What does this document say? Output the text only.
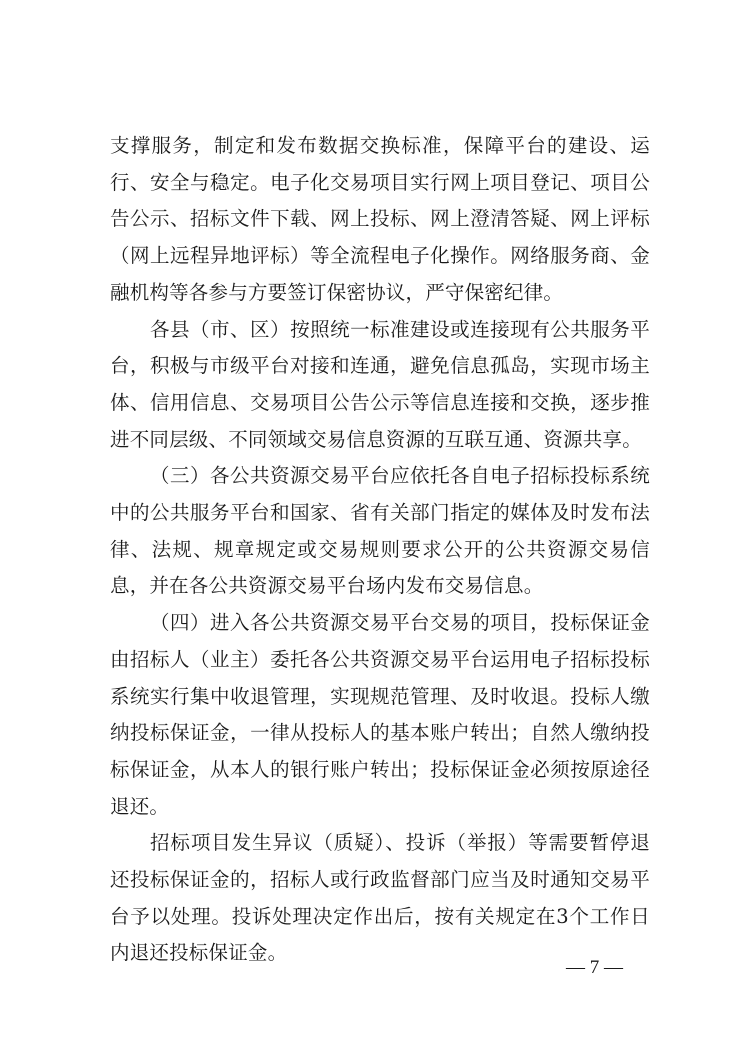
支撑服务，制定和发布数据交换标准，保障平台的建设、运行、安全与稳定。电子化交易项目实行网上项目登记、项目公告公示、招标文件下载、网上投标、网上澄清答疑、网上评标（网上远程异地评标）等全流程电子化操作。网络服务商、金融机构等各参与方要签订保密协议，严守保密纪律。

各县（市、区）按照统一标准建设或连接现有公共服务平台，积极与市级平台对接和连通，避免信息孤岛，实现市场主体、信用信息、交易项目公告公示等信息连接和交换，逐步推进不同层级、不同领域交易信息资源的互联互通、资源共享。

（三）各公共资源交易平台应依托各自电子招标投标系统中的公共服务平台和国家、省有关部门指定的媒体及时发布法律、法规、规章规定或交易规则要求公开的公共资源交易信息，并在各公共资源交易平台场内发布交易信息。

（四）进入各公共资源交易平台交易的项目，投标保证金由招标人（业主）委托各公共资源交易平台运用电子招标投标系统实行集中收退管理，实现规范管理、及时收退。投标人缴纳投标保证金，一律从投标人的基本账户转出；自然人缴纳投标保证金，从本人的银行账户转出；投标保证金必须按原途径退还。

招标项目发生异议（质疑）、投诉（举报）等需要暂停退还投标保证金的，招标人或行政监督部门应当及时通知交易平台予以处理。投诉处理决定作出后，按有关规定在3个工作日内退还投标保证金。

— 7 —
